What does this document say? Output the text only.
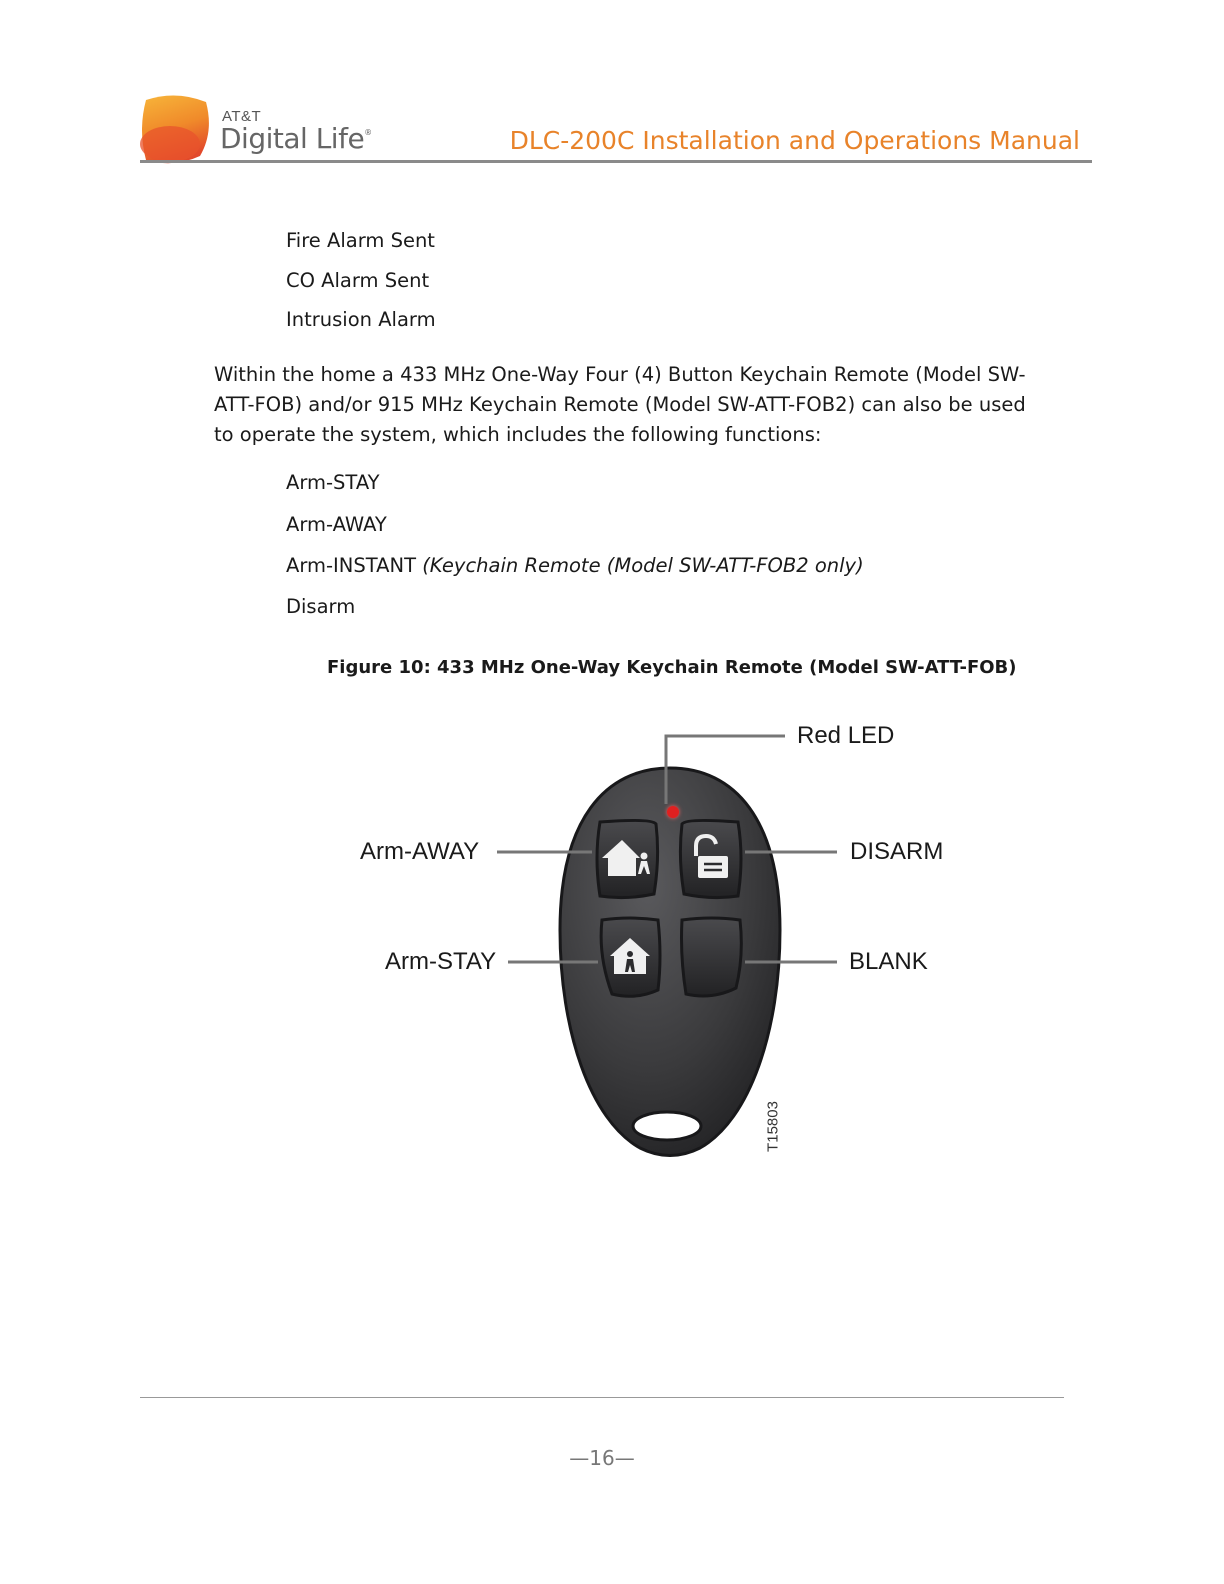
AT&T
Digital Life®	DLC-200C Installation and Operations Manual
Fire Alarm Sent
CO Alarm Sent
Intrusion Alarm
Within the home a 433 MHz One-Way Four (4) Button Keychain Remote (Model SW-
ATT-FOB) and/or 915 MHz Keychain Remote (Model SW-ATT-FOB2) can also be used
to operate the system, which includes the following functions:
Arm-STAY
Arm-AWAY
Arm-INSTANT (Keychain Remote (Model SW-ATT-FOB2 only)
Disarm
Figure 10: 433 MHz One-Way Keychain Remote (Model SW-ATT-FOB)
Red LED
Arm-AWAY	DISARM
Arm-STAY	BLANK
T15803
—16—
